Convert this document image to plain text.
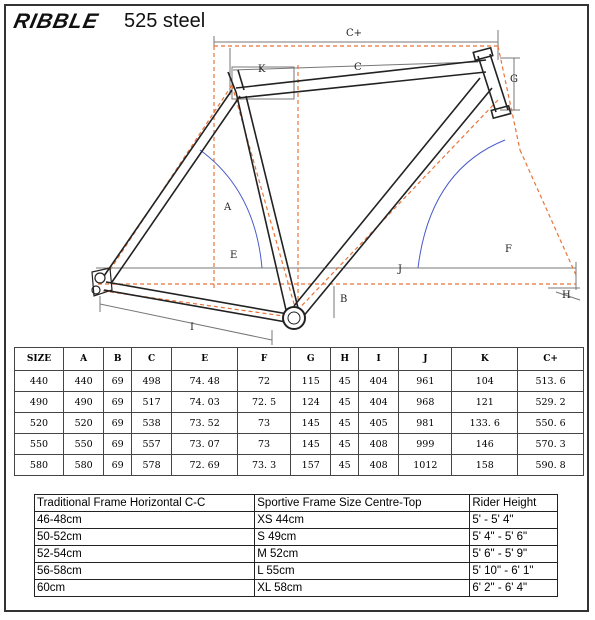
RIBBLE 525 steel
C+
C
K
G
A
E
F
J
H
B
I
SIZE	A	B	C	E	F	G	H	I	J	K	C+
440	440	69	498	74. 48	72	115	45	404	961	104	513. 6
490	490	69	517	74. 03	72. 5	124	45	404	968	121	529. 2
520	520	69	538	73. 52	73	145	45	405	981	133. 6	550. 6
550	550	69	557	73. 07	73	145	45	408	999	146	570. 3
580	580	69	578	72. 69	73. 3	157	45	408	1012	158	590. 8
Traditional Frame Horizontal C-C	Sportive Frame Size Centre-Top	Rider Height
46-48cm	XS 44cm	5' - 5' 4"
50-52cm	S 49cm	5' 4" - 5' 6"
52-54cm	M 52cm	5' 6" - 5' 9"
56-58cm	L 55cm	5' 10" - 6' 1"
60cm	XL 58cm	6' 2" - 6' 4"
